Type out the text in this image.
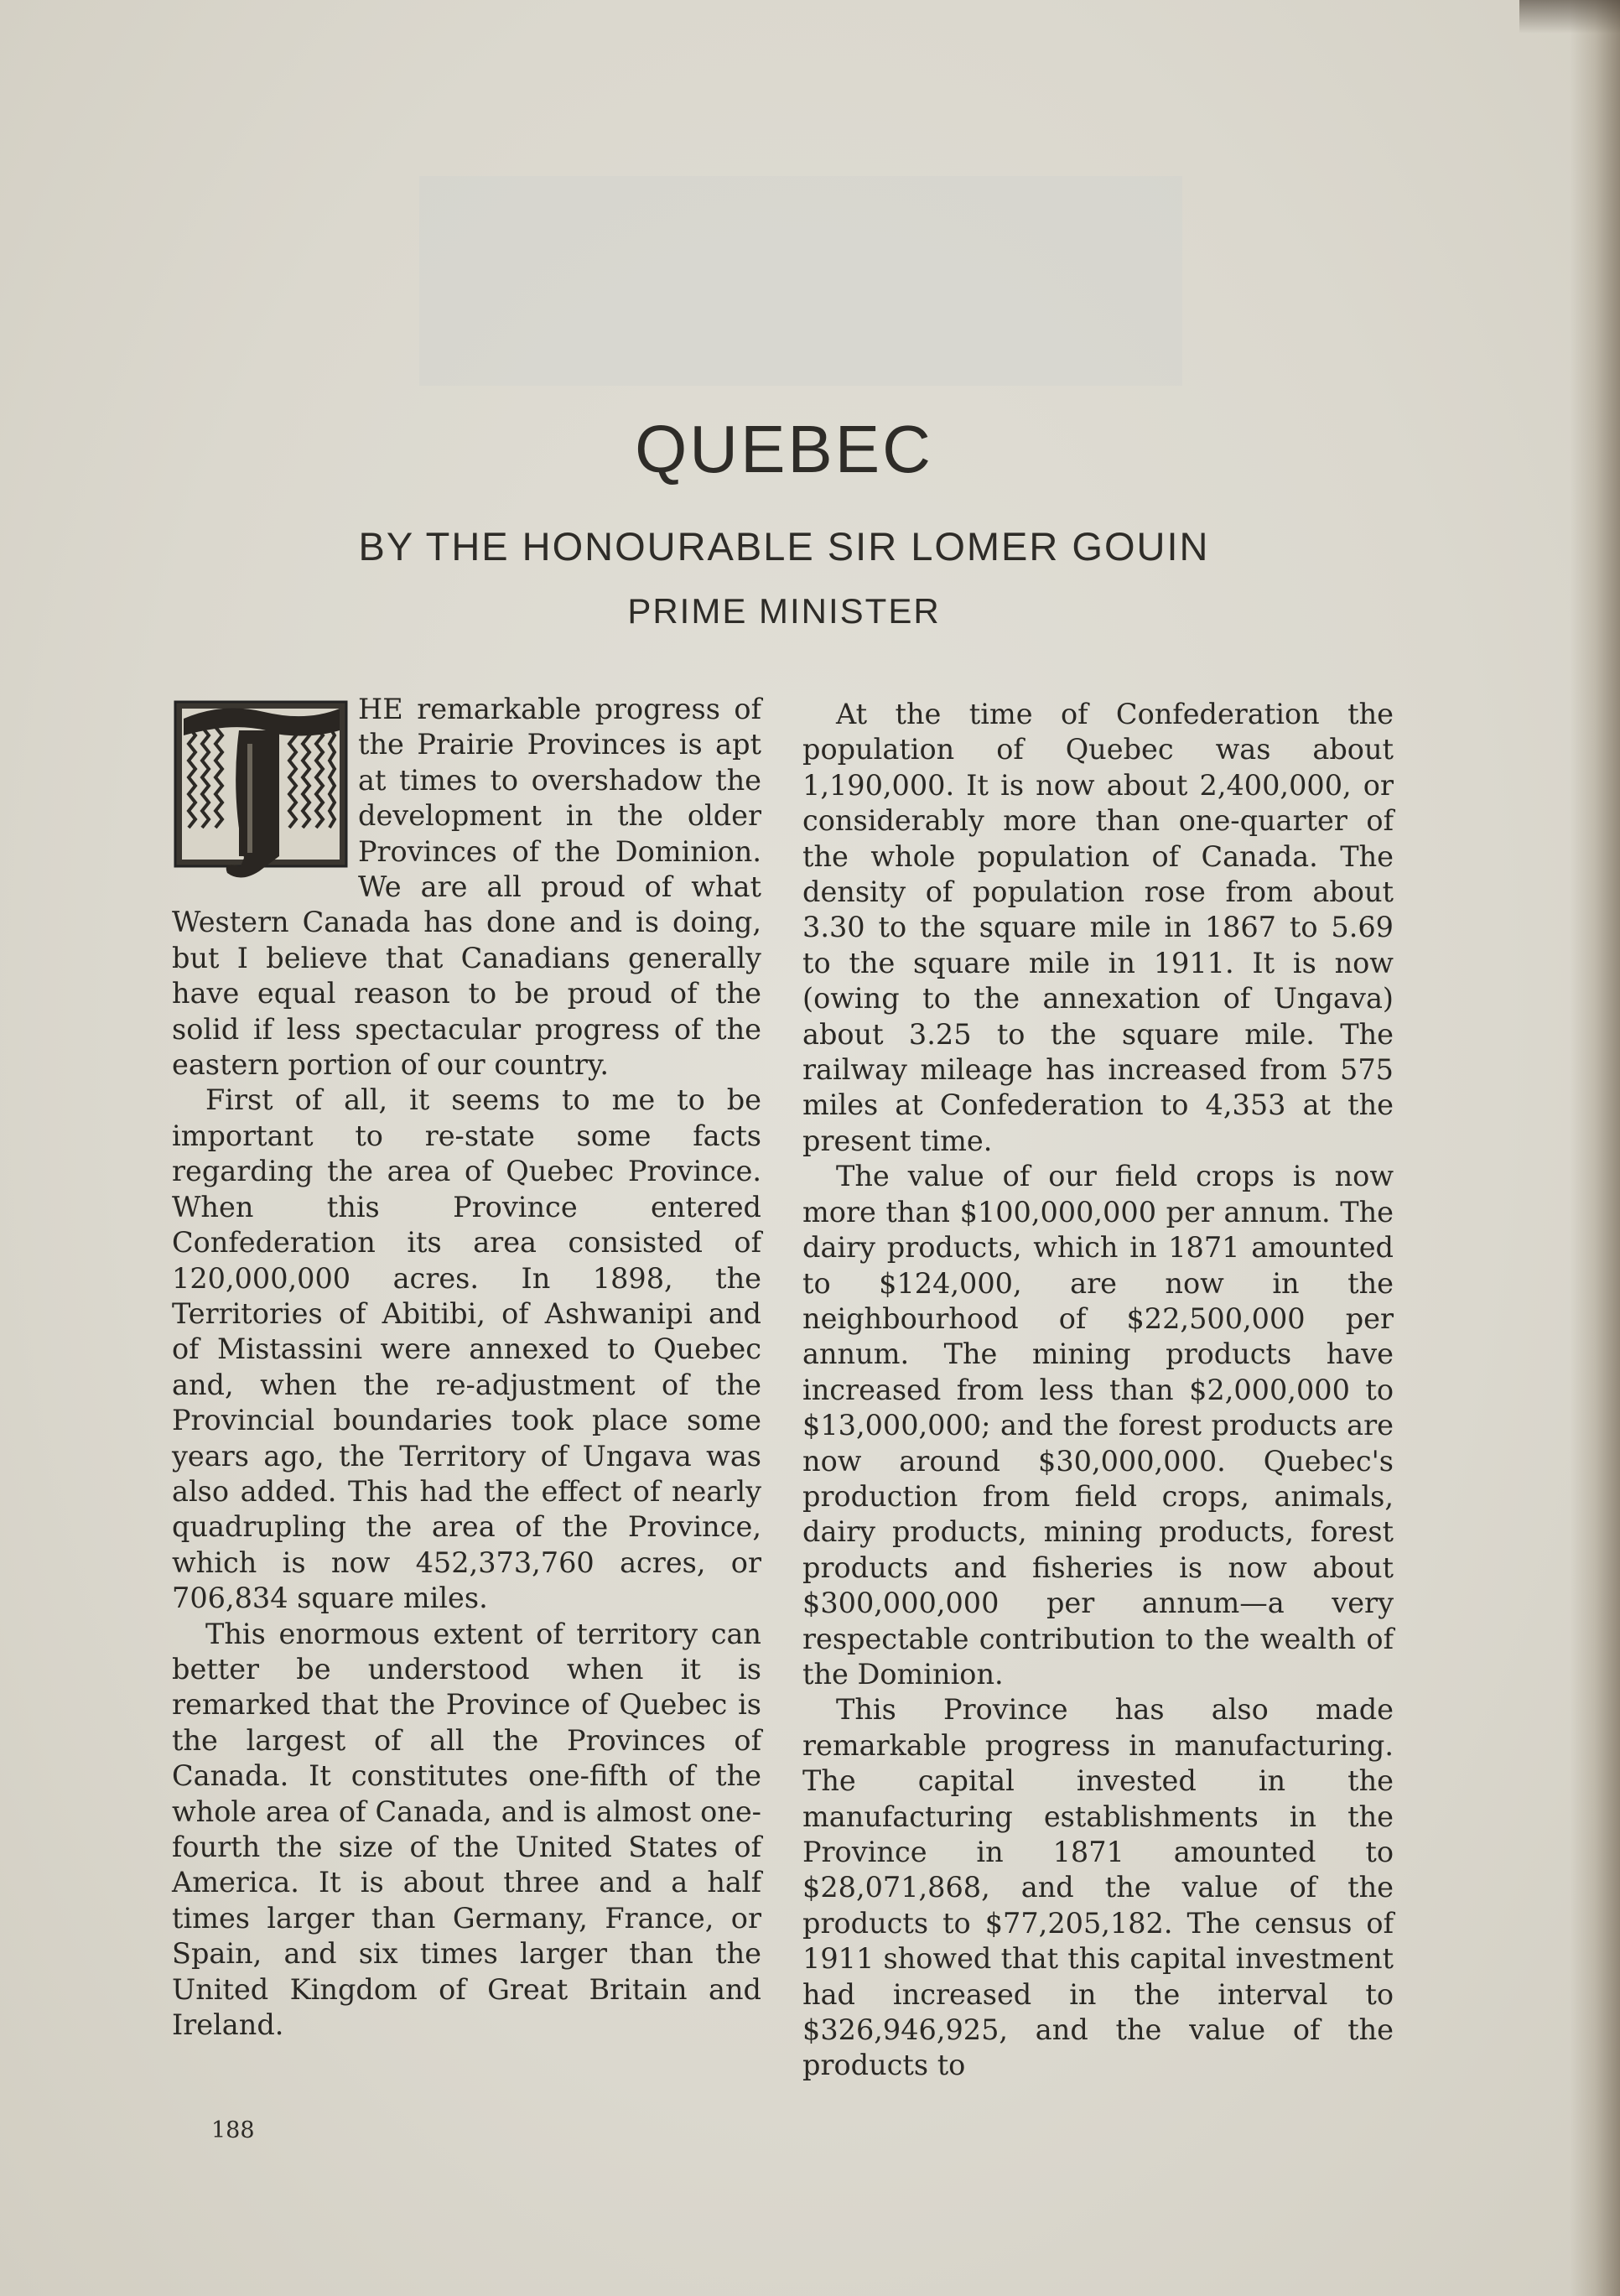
QUEBEC
BY THE HONOURABLE SIR LOMER GOUIN
PRIME MINISTER

HE remarkable progress of the Prairie Provinces is apt at times to overshadow the development in the older Provinces of the Dominion. We are all proud of what Western Canada has done and is doing, but I believe that Canadians generally have equal reason to be proud of the solid if less spectacular progress of the eastern portion of our country.

First of all, it seems to me to be important to re-state some facts regarding the area of Quebec Province. When this Province entered Confederation its area consisted of 120,000,000 acres. In 1898, the Territories of Abitibi, of Ashwanipi and of Mistassini were annexed to Quebec and, when the re-adjustment of the Provincial boundaries took place some years ago, the Territory of Ungava was also added. This had the effect of nearly quadrupling the area of the Province, which is now 452,373,760 acres, or 706,834 square miles.

This enormous extent of territory can better be understood when it is remarked that the Province of Quebec is the largest of all the Provinces of Canada. It constitutes one-fifth of the whole area of Canada, and is almost one-fourth the size of the United States of America. It is about three and a half times larger than Germany, France, or Spain, and six times larger than the United Kingdom of Great Britain and Ireland.

At the time of Confederation the population of Quebec was about 1,190,000. It is now about 2,400,000, or considerably more than one-quarter of the whole population of Canada. The density of population rose from about 3.30 to the square mile in 1867 to 5.69 to the square mile in 1911. It is now (owing to the annexation of Ungava) about 3.25 to the square mile. The railway mileage has increased from 575 miles at Confederation to 4,353 at the present time.

The value of our field crops is now more than $100,000,000 per annum. The dairy products, which in 1871 amounted to $124,000, are now in the neighbourhood of $22,500,000 per annum. The mining products have increased from less than $2,000,000 to $13,000,000; and the forest products are now around $30,000,000. Quebec's production from field crops, animals, dairy products, mining products, forest products and fisheries is now about $300,000,000 per annum—a very respectable contribution to the wealth of the Dominion.

This Province has also made remarkable progress in manufacturing. The capital invested in the manufacturing establishments in the Province in 1871 amounted to $28,071,868, and the value of the products to $77,205,182. The census of 1911 showed that this capital investment had increased in the interval to $326,946,925, and the value of the products to

188
